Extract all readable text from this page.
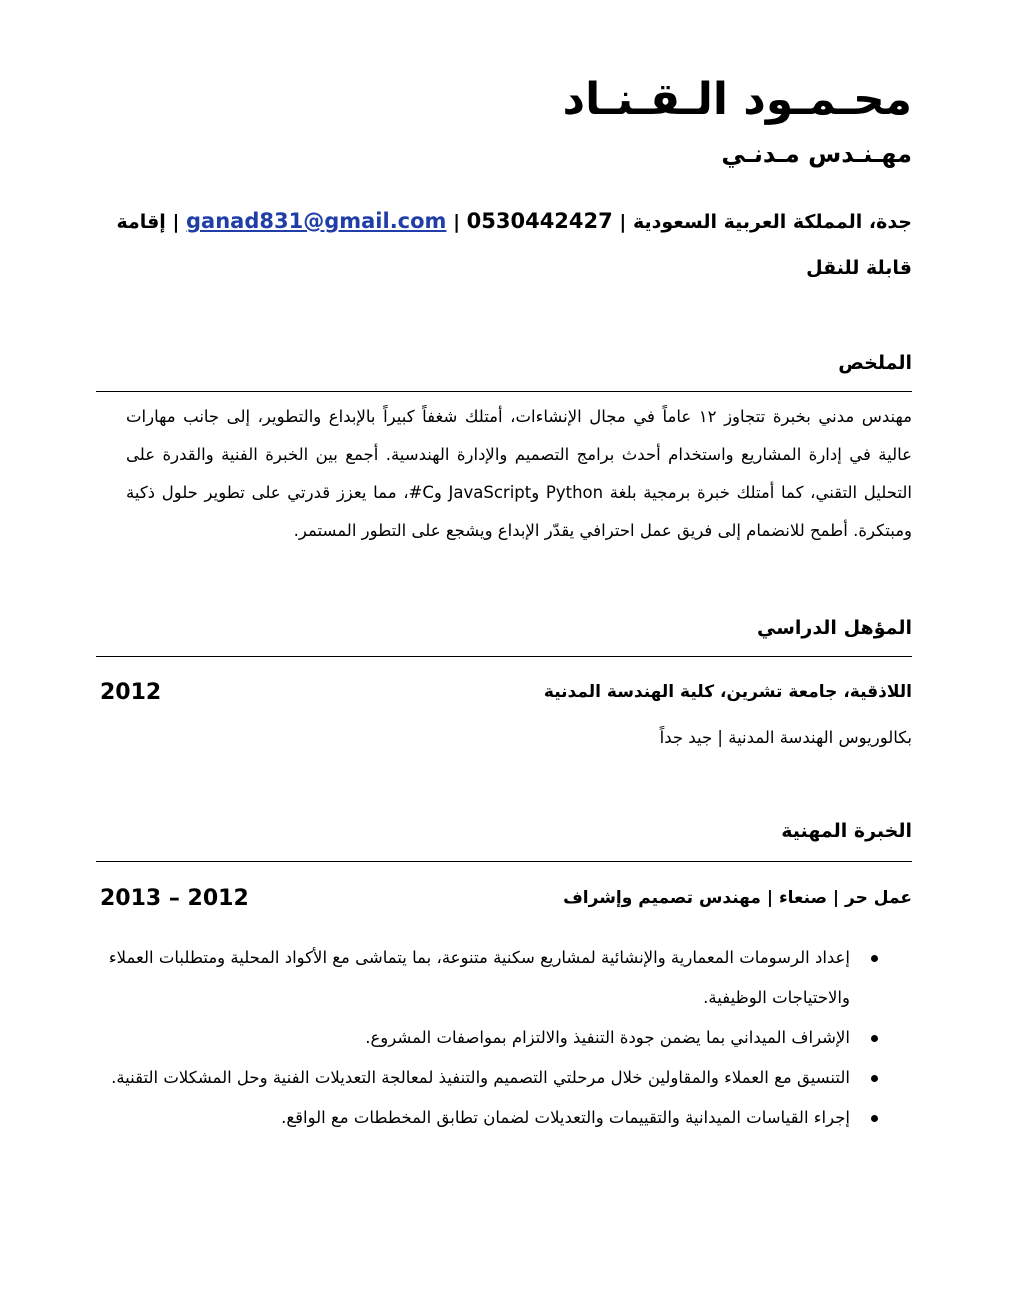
محـمـود الـقـنـاد
مهـنـدس مـدنـي
جدة، المملكة العربية السعودية | 0530442427 | ganad831@gmail.com | إقامة قابلة للنقل
الملخص
مهندس مدني بخبرة تتجاوز ١٢ عاماً في مجال الإنشاءات، أمتلك شغفاً كبيراً بالإبداع والتطوير، إلى جانب مهارات عالية في إدارة المشاريع واستخدام أحدث برامج التصميم والإدارة الهندسية. أجمع بين الخبرة الفنية والقدرة على التحليل التقني، كما أمتلك خبرة برمجية بلغة Python وJavaScript وC#، مما يعزز قدرتي على تطوير حلول ذكية ومبتكرة. أطمح للانضمام إلى فريق عمل احترافي يقدّر الإبداع ويشجع على التطور المستمر.
المؤهل الدراسي
اللاذقية، جامعة تشرين، كلية الهندسة المدنية
2012
بكالوريوس الهندسة المدنية | جيد جداً
الخبرة المهنية
عمل حر | صنعاء | مهندس تصميم وإشراف
2013 – 2012
إعداد الرسومات المعمارية والإنشائية لمشاريع سكنية متنوعة، بما يتماشى مع الأكواد المحلية ومتطلبات العملاء والاحتياجات الوظيفية.
الإشراف الميداني بما يضمن جودة التنفيذ والالتزام بمواصفات المشروع.
التنسيق مع العملاء والمقاولين خلال مرحلتي التصميم والتنفيذ لمعالجة التعديلات الفنية وحل المشكلات التقنية.
إجراء القياسات الميدانية والتقييمات والتعديلات لضمان تطابق المخططات مع الواقع.
